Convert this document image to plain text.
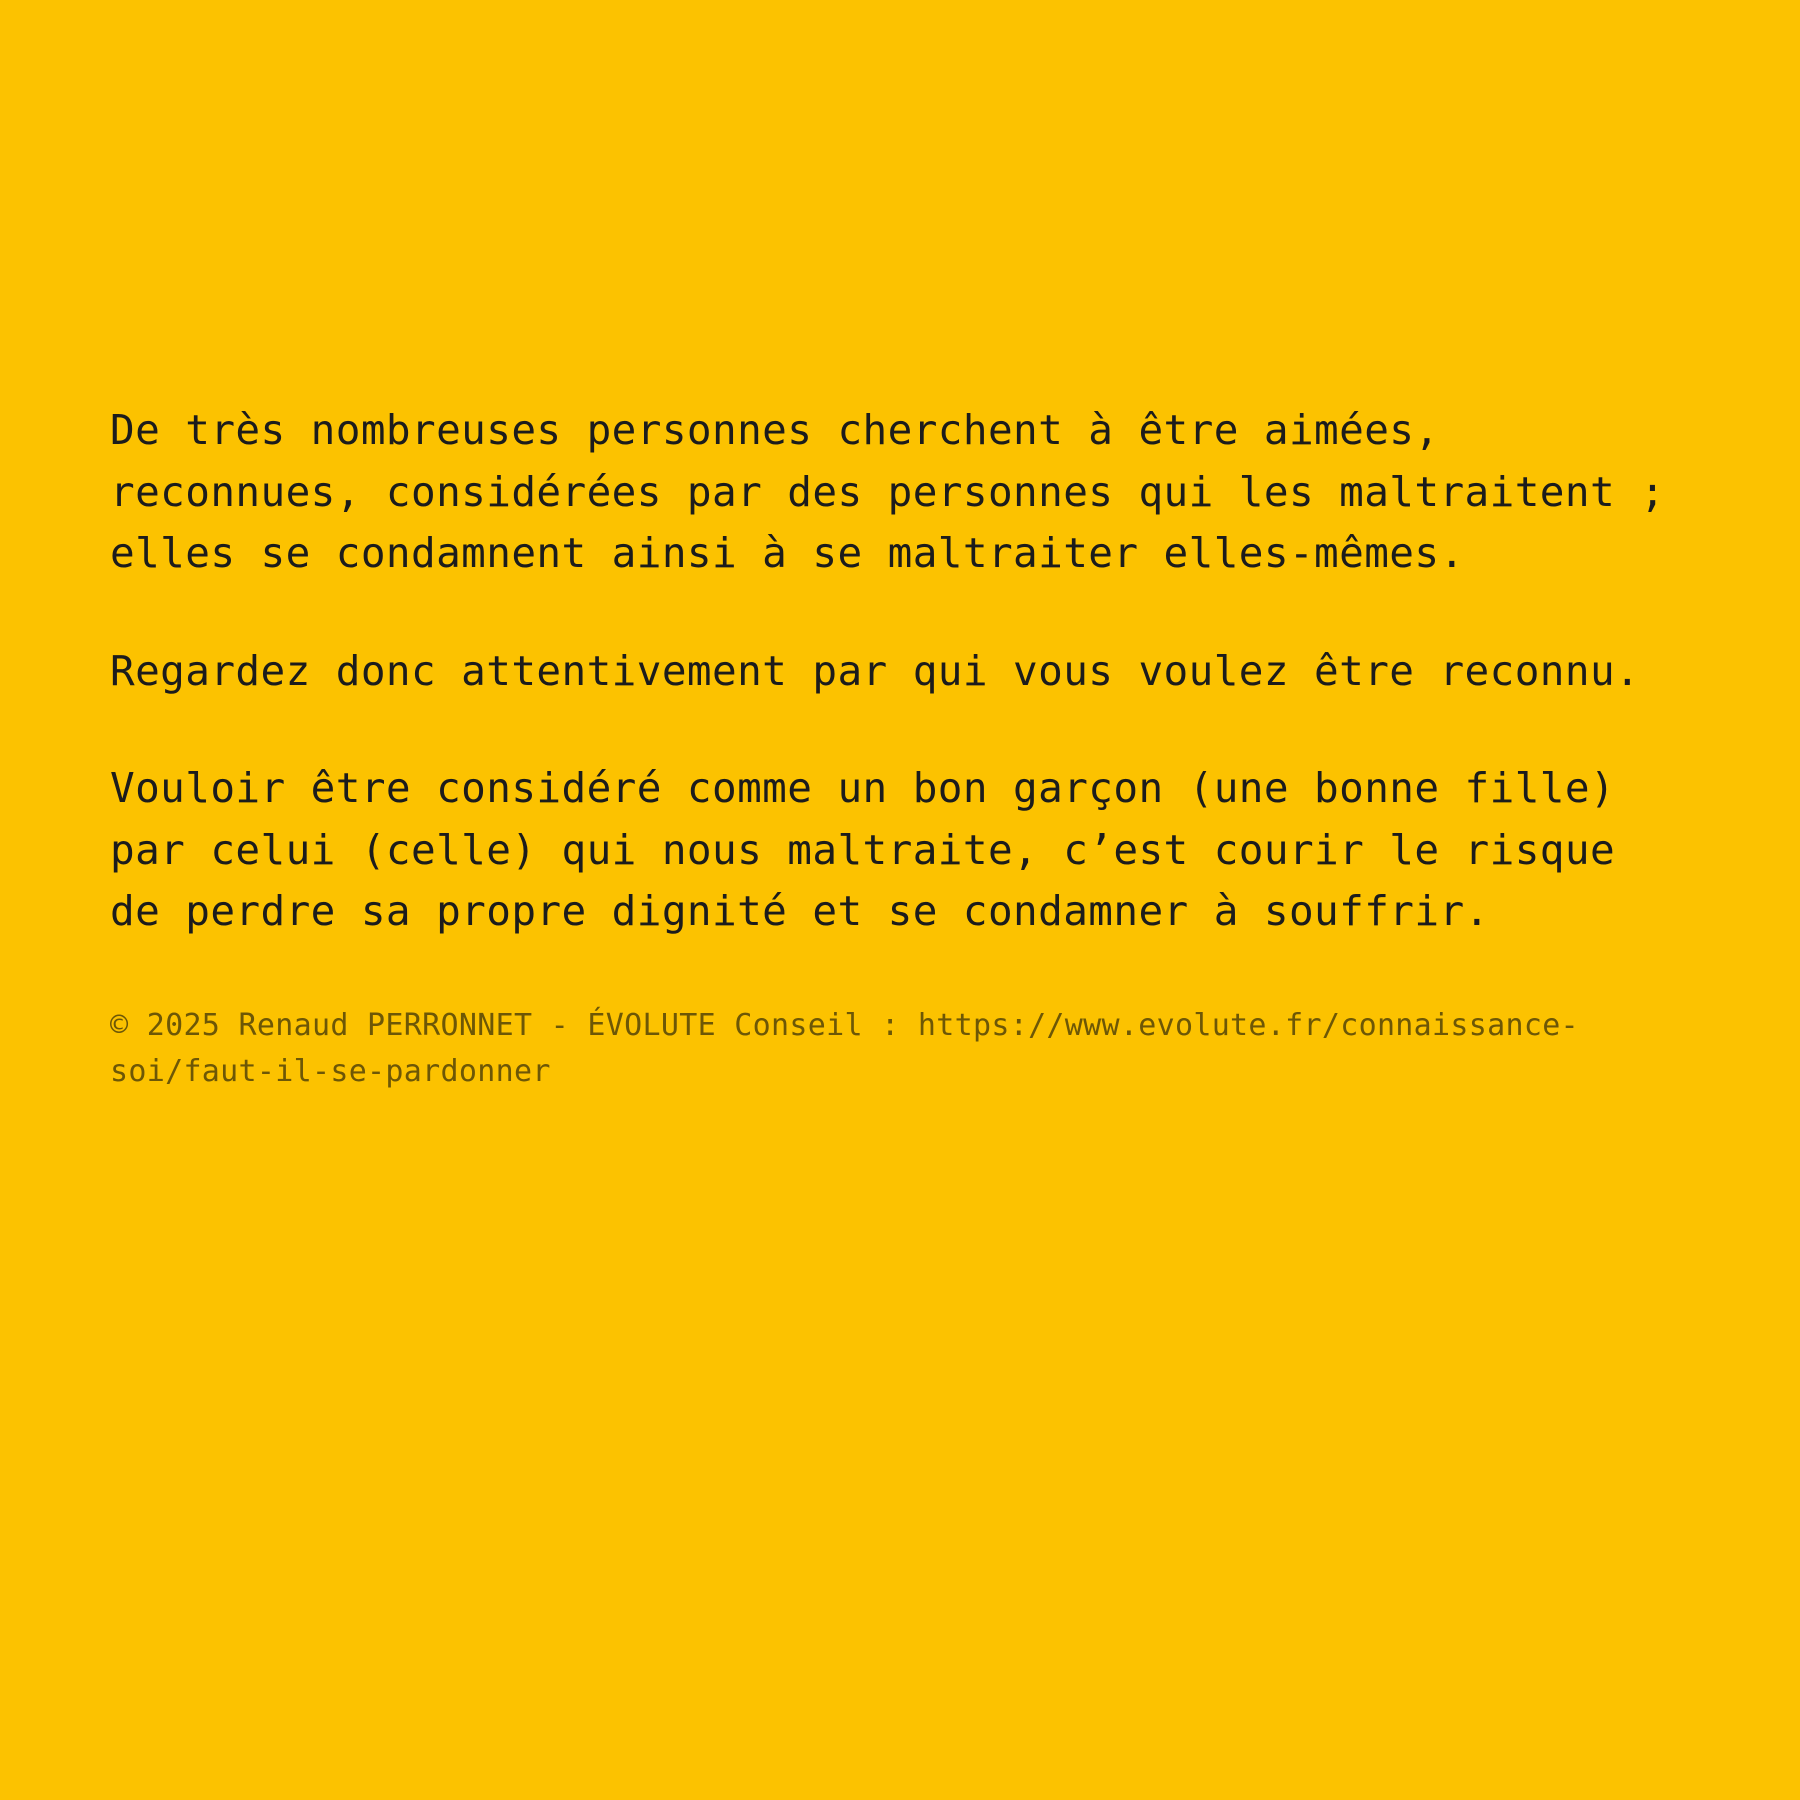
De très nombreuses personnes cherchent à être aimées, reconnues, considérées par des personnes qui les maltraitent ; elles se condamnent ainsi à se maltraiter elles-mêmes.

Regardez donc attentivement par qui vous voulez être reconnu.

Vouloir être considéré comme un bon garçon (une bonne fille) par celui (celle) qui nous maltraite, c’est courir le risque de perdre sa propre dignité et se condamner à souffrir.

© 2025 Renaud PERRONNET - ÉVOLUTE Conseil : https://www.evolute.fr/connaissance-soi/faut-il-se-pardonner
